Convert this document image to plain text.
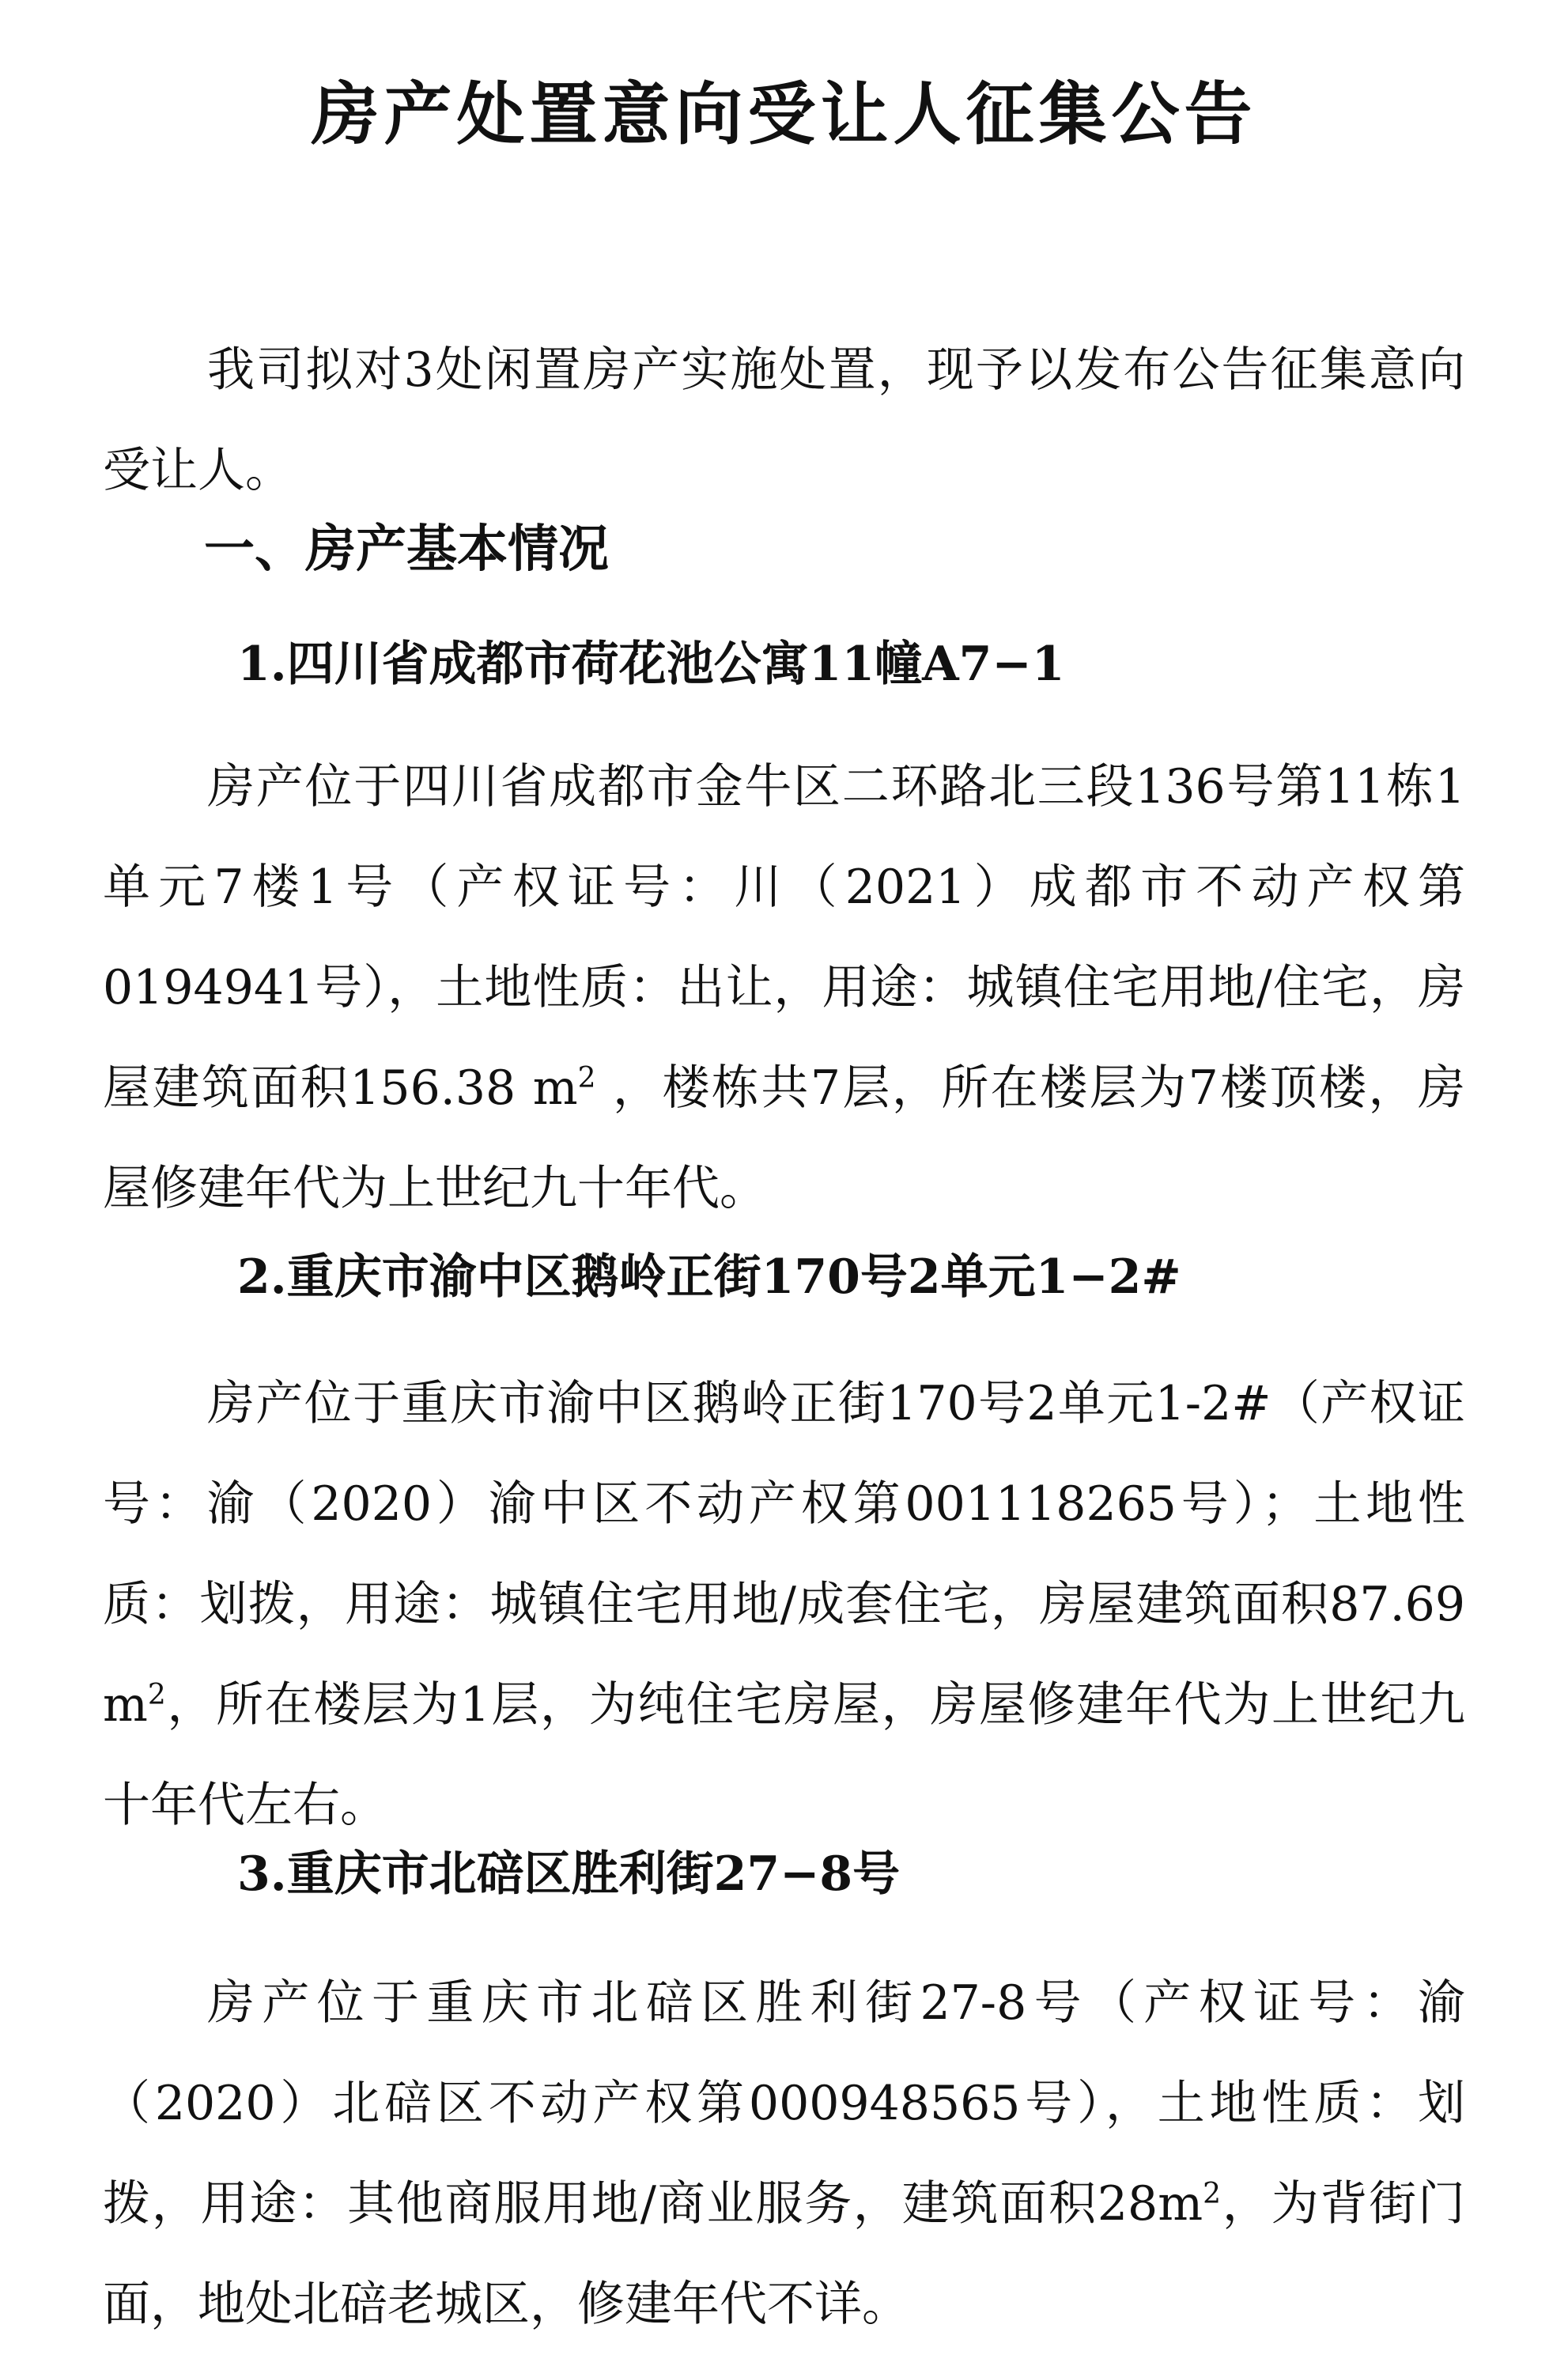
房产处置意向受让人征集公告

我司拟对3处闲置房产实施处置，现予以发布公告征集意向受让人。

一、房产基本情况
1.四川省成都市荷花池公寓11幢A7−1

房产位于四川省成都市金牛区二环路北三段136号第11栋1单元7楼1号（产权证号：川（2021）成都市不动产权第0194941号），土地性质：出让，用途：城镇住宅用地/住宅，房屋建筑面积156.38 $m^2$ ，楼栋共7层，所在楼层为7楼顶楼，房屋修建年代为上世纪九十年代。

2.重庆市渝中区鹅岭正街170号2单元1−2#

房产位于重庆市渝中区鹅岭正街170号2单元1-2#（产权证号：渝（2020）渝中区不动产权第001118265号）；土地性质：划拨，用途：城镇住宅用地/成套住宅，房屋建筑面积87.69 $m^2$，所在楼层为1层，为纯住宅房屋，房屋修建年代为上世纪九十年代左右。

3.重庆市北碚区胜利街27−8号

房产位于重庆市北碚区胜利街27-8号（产权证号：渝（2020）北碚区不动产权第000948565号），土地性质：划拨，用途：其他商服用地/商业服务，建筑面积$28m^2$，为背街门面，地处北碚老城区，修建年代不详。
